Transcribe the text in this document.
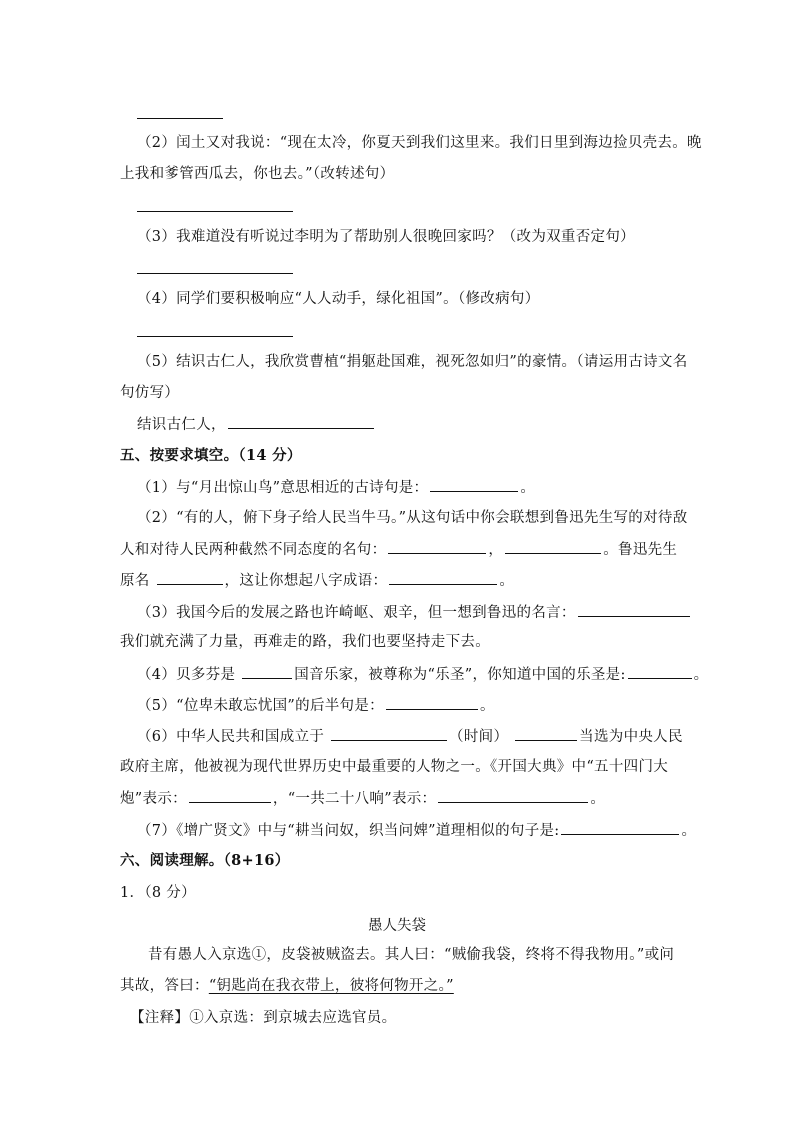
（2）闰土又对我说：“现在太冷，你夏天到我们这里来。我们日里到海边捡贝壳去。晚
上我和爹管西瓜去，你也去。”（改转述句）
（3）我难道没有听说过李明为了帮助别人很晚回家吗？（改为双重否定句）
（4）同学们要积极响应“人人动手，绿化祖国”。（修改病句）
（5）结识古仁人，我欣赏曹植“捐躯赴国难，视死忽如归”的豪情。（请运用古诗文名
句仿写）
结识古仁人，
五、按要求填空。（14 分）
（1）与“月出惊山鸟”意思相近的古诗句是：	。
（2）“有的人，俯下身子给人民当牛马。”从这句话中你会联想到鲁迅先生写的对待敌
人和对待人民两种截然不同态度的名句：	，	。鲁迅先生
原名	，这让你想起八字成语：	。
（3）我国今后的发展之路也许崎岖、艰辛，但一想到鲁迅的名言：
我们就充满了力量，再难走的路，我们也要坚持走下去。
（4）贝多芬是	国音乐家，被尊称为“乐圣”，你知道中国的乐圣是:	。
（5）“位卑未敢忘忧国”的后半句是：	。
（6）中华人民共和国成立于	（时间）	当选为中央人民
政府主席，他被视为现代世界历史中最重要的人物之一。《开国大典》中“五十四门大
炮”表示：	，“一共二十八响”表示：	。
（7）《增广贤文》中与“耕当问奴，织当问婢”道理相似的句子是:	。
六、阅读理解。（8+16）
1．（8 分）
愚人失袋
昔有愚人入京选①，皮袋被贼盗去。其人曰：“贼偷我袋，终将不得我物用。”或问
其故，答曰：“钥匙尚在我衣带上，彼将何物开之。”
【注释】①入京选：到京城去应选官员。
